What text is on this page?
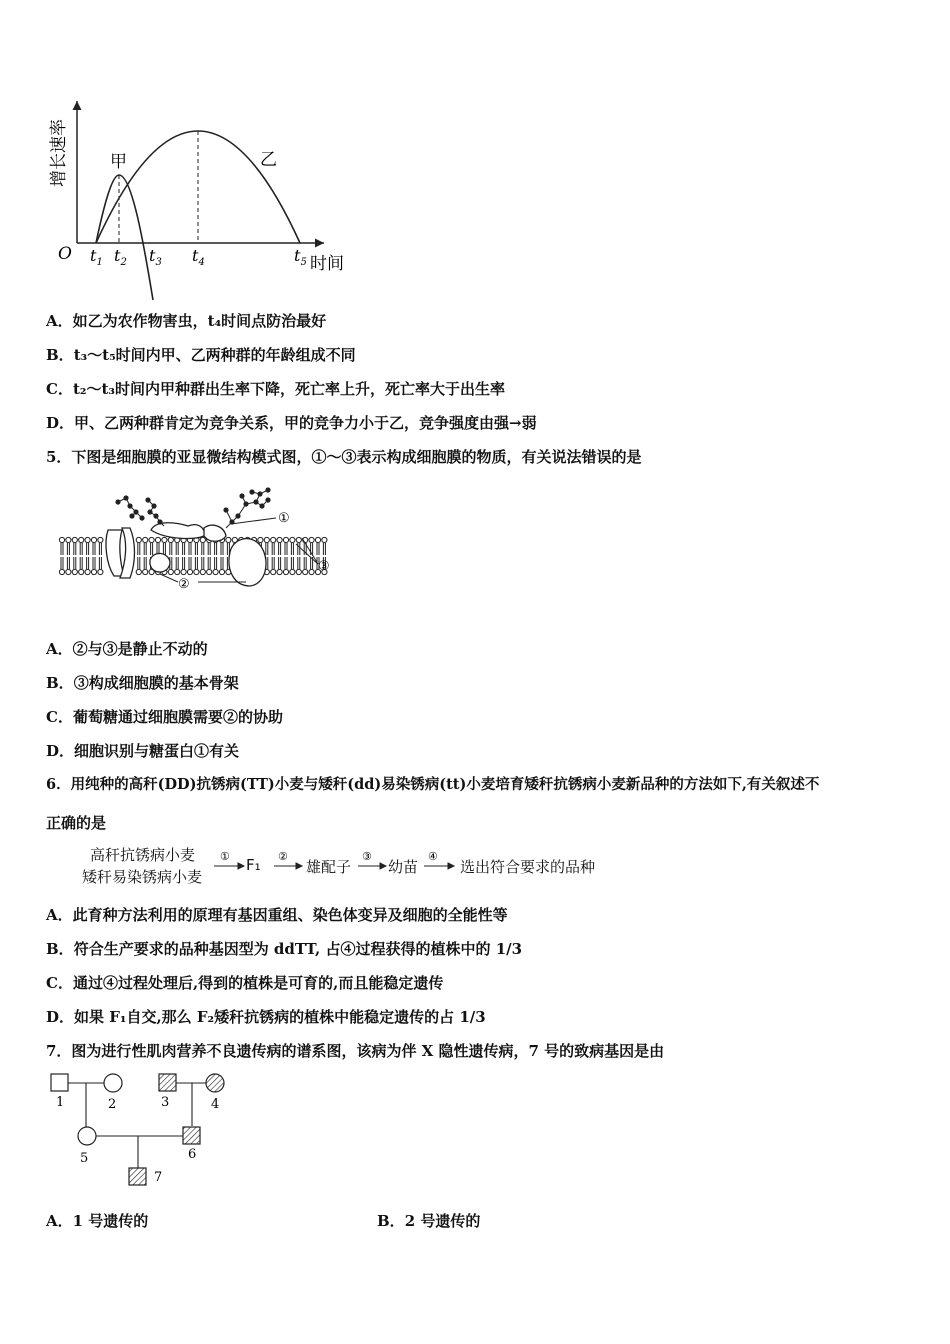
增长速率
O
甲	乙
$t_1$ $t_2$ $t_3$ $t_4$	$t_5$ 时间
A．如乙为农作物害虫，t₄时间点防治最好
B．t₃～t₅时间内甲、乙两种群的年龄组成不同
C．t₂～t₃时间内甲种群出生率下降，死亡率上升，死亡率大于出生率
D．甲、乙两种群肯定为竞争关系，甲的竞争力小于乙，竞争强度由强→弱
5．下图是细胞膜的亚显微结构模式图，①～③表示构成细胞膜的物质，有关说法错误的是
①
②
③
A．②与③是静止不动的
B．③构成细胞膜的基本骨架
C．葡萄糖通过细胞膜需要②的协助
D．细胞识别与糖蛋白①有关
6．用纯种的高秆(DD)抗锈病(TT)小麦与矮秆(dd)易染锈病(tt)小麦培育矮秆抗锈病小麦新品种的方法如下,有关叙述不
正确的是
高秆抗锈病小麦
矮秆易染锈病小麦
①	②	③	④
F₁	雄配子 幼苗	选出符合要求的品种
A．此育种方法利用的原理有基因重组、染色体变异及细胞的全能性等
B．符合生产要求的品种基因型为 ddTT, 占④过程获得的植株中的 1/3
C．通过④过程处理后,得到的植株是可育的,而且能稳定遗传
D．如果 F₁自交,那么 F₂矮秆抗锈病的植株中能稳定遗传的占 1/3
7．图为进行性肌肉营养不良遗传病的谱系图，该病为伴 X 隐性遗传病，7 号的致病基因是由
1	2	3	4
5	6
7
A．1 号遗传的	B．2 号遗传的
